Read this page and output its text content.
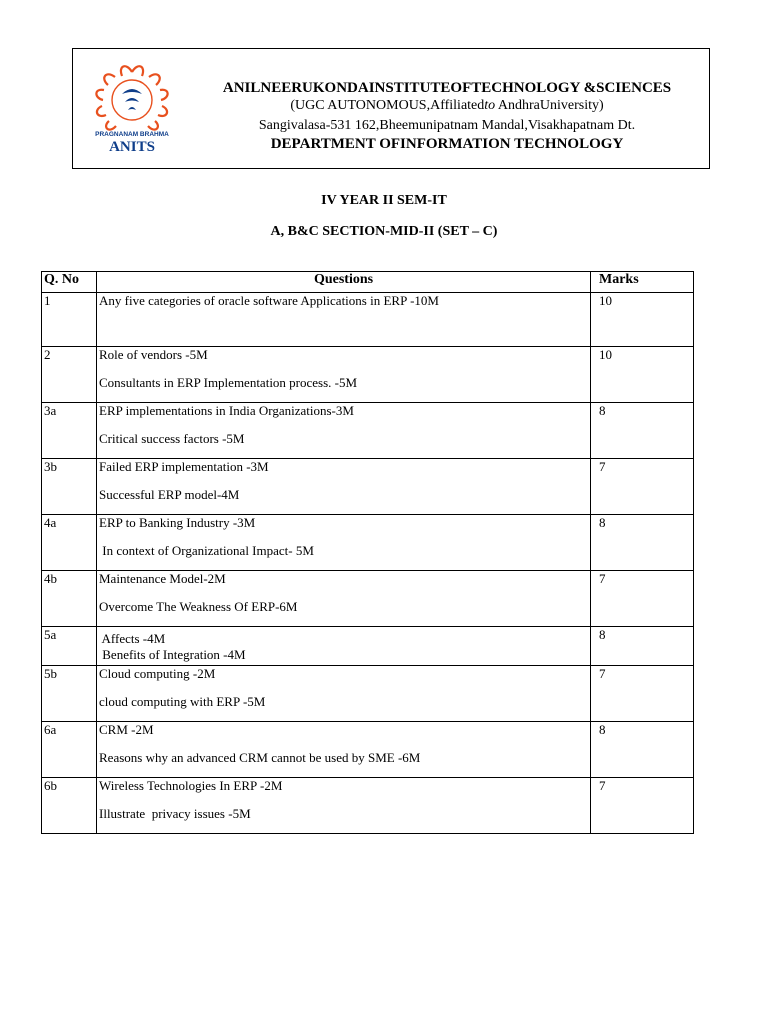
PRAGNANAM BRAHMA
ANITS
ANILNEERUKONDAINSTITUTEOFTECHNOLOGY &SCIENCES
(UGC AUTONOMOUS,Affiliatedto AndhraUniversity)
Sangivalasa-531 162,Bheemunipatnam Mandal,Visakhapatnam Dt.
DEPARTMENT OFINFORMATION TECHNOLOGY
IV YEAR II SEM-IT
A, B&C SECTION-MID-II (SET – C)
Q. No	Questions	Marks
1	Any five categories of oracle software Applications in ERP -10M	10
2	Role of vendors -5M
Consultants in ERP Implementation process. -5M	10
3a	ERP implementations in India Organizations-3M
Critical success factors -5M	8
3b	Failed ERP implementation -3M
Successful ERP model-4M	7
4a	ERP to Banking Industry -3M
In context of Organizational Impact- 5M	8
4b	Maintenance Model-2M
Overcome The Weakness Of ERP-6M	7
5a	Affects -4M
Benefits of Integration -4M	8
5b	Cloud computing -2M
cloud computing with ERP -5M	7
6a	CRM -2M
Reasons why an advanced CRM cannot be used by SME -6M	8
6b	Wireless Technologies In ERP -2M
Illustrate  privacy issues -5M	7
